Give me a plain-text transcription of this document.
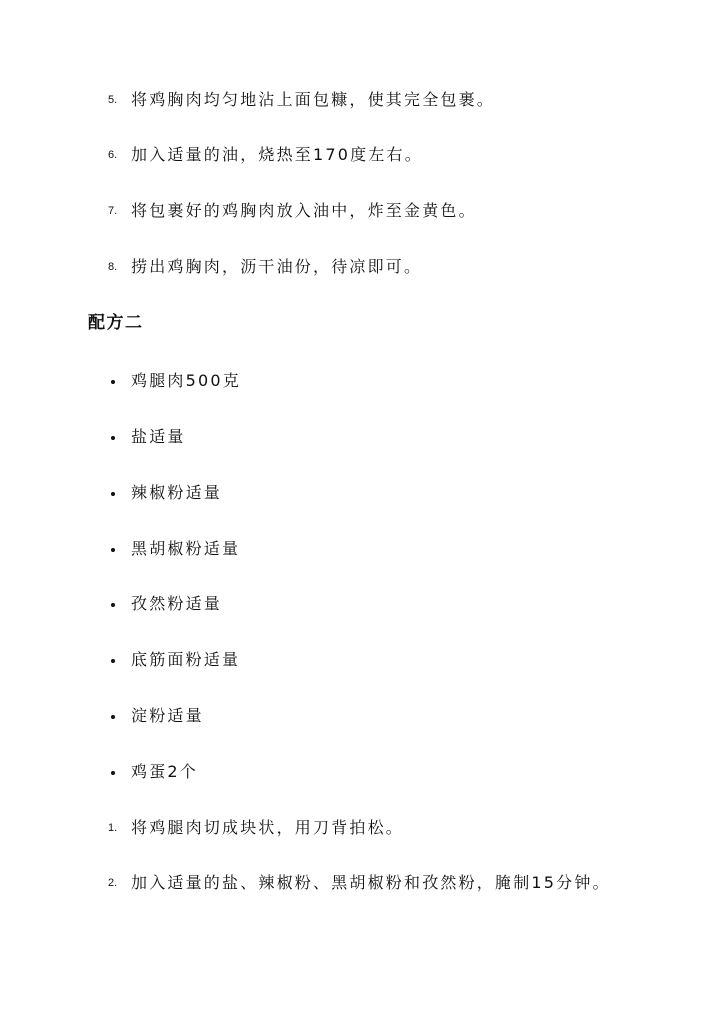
5. 将鸡胸肉均匀地沾上面包糠，使其完全包裹。
6. 加入适量的油，烧热至170度左右。
7. 将包裹好的鸡胸肉放入油中，炸至金黄色。
8. 捞出鸡胸肉，沥干油份，待凉即可。
配方二
鸡腿肉500克
盐适量
辣椒粉适量
黑胡椒粉适量
孜然粉适量
底筋面粉适量
淀粉适量
鸡蛋2个
1. 将鸡腿肉切成块状，用刀背拍松。
2. 加入适量的盐、辣椒粉、黑胡椒粉和孜然粉，腌制15分钟。
